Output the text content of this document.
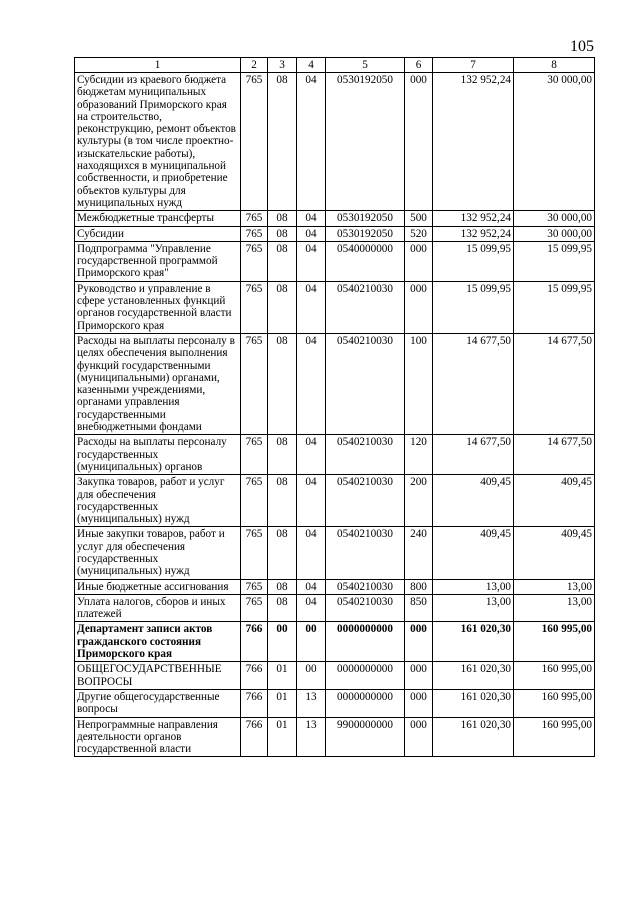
105
1	2	3	4	5	6	7	8
Субсидии из краевого бюджета бюджетам муниципальных образований Приморского края на строительство, реконструкцию, ремонт объектов культуры (в том числе проектно-изыскательские работы), находящихся в муниципальной собственности, и приобретение объектов культуры для муниципальных нужд	765	08	04	0530192050	000	132 952,24	30 000,00
Межбюджетные трансферты	765	08	04	0530192050	500	132 952,24	30 000,00
Субсидии	765	08	04	0530192050	520	132 952,24	30 000,00
Подпрограмма "Управление государственной программой Приморского края"	765	08	04	0540000000	000	15 099,95	15 099,95
Руководство и управление в сфере установленных функций органов государственной власти Приморского края	765	08	04	0540210030	000	15 099,95	15 099,95
Расходы на выплаты персоналу в целях обеспечения выполнения функций государственными (муниципальными) органами, казенными учреждениями, органами управления государственными внебюджетными фондами	765	08	04	0540210030	100	14 677,50	14 677,50
Расходы на выплаты персоналу государственных (муниципальных) органов	765	08	04	0540210030	120	14 677,50	14 677,50
Закупка товаров, работ и услуг для обеспечения государственных (муниципальных) нужд	765	08	04	0540210030	200	409,45	409,45
Иные закупки товаров, работ и услуг для обеспечения государственных (муниципальных) нужд	765	08	04	0540210030	240	409,45	409,45
Иные бюджетные ассигнования	765	08	04	0540210030	800	13,00	13,00
Уплата налогов, сборов и иных платежей	765	08	04	0540210030	850	13,00	13,00
Департамент записи актов гражданского состояния Приморского края	766	00	00	0000000000	000	161 020,30	160 995,00
ОБЩЕГОСУДАРСТВЕННЫЕ ВОПРОСЫ	766	01	00	0000000000	000	161 020,30	160 995,00
Другие общегосударственные вопросы	766	01	13	0000000000	000	161 020,30	160 995,00
Непрограммные направления деятельности органов государственной власти	766	01	13	9900000000	000	161 020,30	160 995,00
